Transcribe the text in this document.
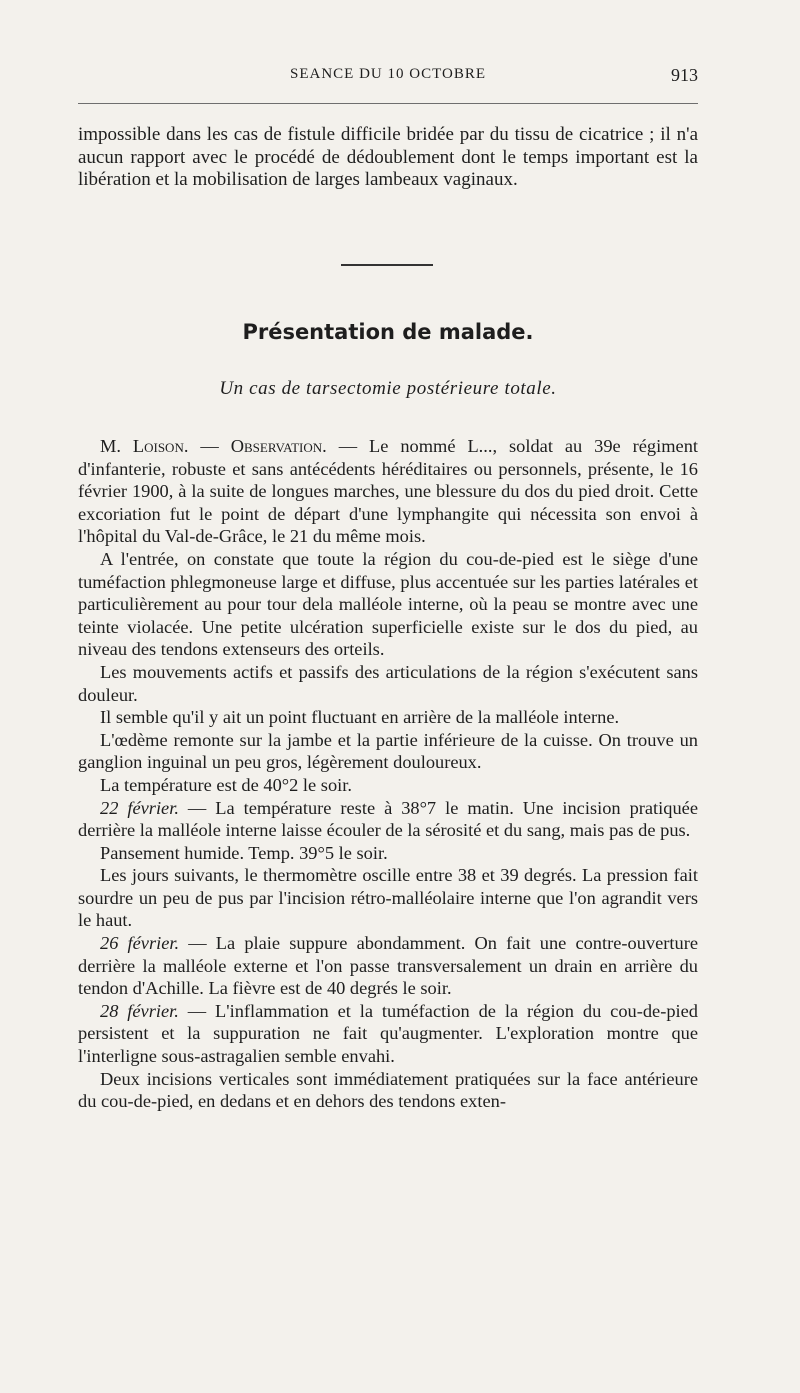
SEANCE DU 10 OCTOBRE	913

impossible dans les cas de fistule difficile bridée par du tissu de cicatrice ; il n'a aucun rapport avec le procédé de dédoublement dont le temps important est la libération et la mobilisation de larges lambeaux vaginaux.

Présentation de malade.
Un cas de tarsectomie postérieure totale.

M. Loison. — Observation. — Le nommé L..., soldat au 39e régiment d'infanterie, robuste et sans antécédents héréditaires ou personnels, présente, le 16 février 1900, à la suite de longues marches, une blessure du dos du pied droit. Cette excoriation fut le point de départ d'une lymphangite qui nécessita son envoi à l'hôpital du Val-de-Grâce, le 21 du même mois.

A l'entrée, on constate que toute la région du cou-de-pied est le siège d'une tuméfaction phlegmoneuse large et diffuse, plus accentuée sur les parties latérales et particulièrement au pour tour dela malléole interne, où la peau se montre avec une teinte violacée. Une petite ulcération superficielle existe sur le dos du pied, au niveau des tendons extenseurs des orteils.

Les mouvements actifs et passifs des articulations de la région s'exécutent sans douleur.

Il semble qu'il y ait un point fluctuant en arrière de la malléole interne.

L'œdème remonte sur la jambe et la partie inférieure de la cuisse. On trouve un ganglion inguinal un peu gros, légèrement douloureux.

La température est de 40°2 le soir.

22 février. — La température reste à 38°7 le matin. Une incision pratiquée derrière la malléole interne laisse écouler de la sérosité et du sang, mais pas de pus.

Pansement humide. Temp. 39°5 le soir.

Les jours suivants, le thermomètre oscille entre 38 et 39 degrés. La pression fait sourdre un peu de pus par l'incision rétro-malléolaire interne que l'on agrandit vers le haut.

26 février. — La plaie suppure abondamment. On fait une contre-ouverture derrière la malléole externe et l'on passe transversalement un drain en arrière du tendon d'Achille. La fièvre est de 40 degrés le soir.

28 février. — L'inflammation et la tuméfaction de la région du cou-de-pied persistent et la suppuration ne fait qu'augmenter. L'exploration montre que l'interligne sous-astragalien semble envahi.

Deux incisions verticales sont immédiatement pratiquées sur la face antérieure du cou-de-pied, en dedans et en dehors des tendons exten-
